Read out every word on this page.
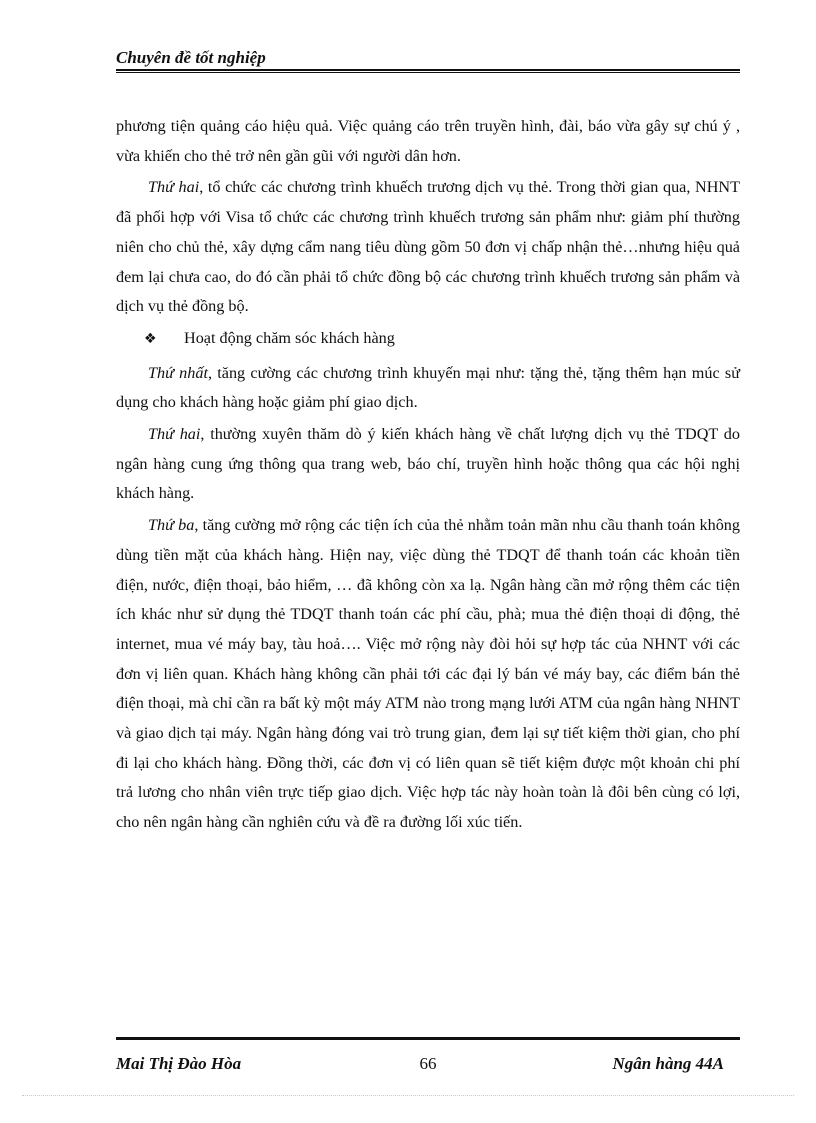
Chuyên đề tốt nghiệp

phương tiện quảng cáo hiệu quả. Việc quảng cáo trên truyền hình, đài, báo vừa gây sự chú ý , vừa khiến cho thẻ trở nên gần gũi với người dân hơn.

Thứ hai, tổ chức các chương trình khuếch trương dịch vụ thẻ. Trong thời gian qua, NHNT đã phối hợp với Visa tổ chức các chương trình khuếch trương sản phẩm như: giảm phí thường niên cho chủ thẻ, xây dựng cẩm nang tiêu dùng gồm 50 đơn vị chấp nhận thẻ…nhưng hiệu quả đem lại chưa cao, do đó cần phải tổ chức đồng bộ các chương trình khuếch trương sản phẩm và dịch vụ thẻ đồng bộ.

❖	Hoạt động chăm sóc khách hàng

Thứ nhất, tăng cường các chương trình khuyến mại như: tặng thẻ, tặng thêm hạn múc sử dụng cho khách hàng hoặc giảm phí giao dịch.

Thứ hai, thường xuyên thăm dò ý kiến khách hàng về chất lượng dịch vụ thẻ TDQT do ngân hàng cung ứng thông qua trang web, báo chí, truyền hình hoặc thông qua các hội nghị khách hàng.

Thứ ba, tăng cường mở rộng các tiện ích của thẻ nhằm toản mãn nhu cầu thanh toán không dùng tiền mặt của khách hàng. Hiện nay, việc dùng thẻ TDQT để thanh toán các khoản tiền điện, nước, điện thoại, bảo hiểm, … đã không còn xa lạ. Ngân hàng cần mở rộng thêm các tiện ích khác như sử dụng thẻ TDQT thanh toán các phí cầu, phà; mua thẻ điện thoại di động, thẻ internet, mua vé máy bay, tàu hoả…. Việc mở rộng này đòi hỏi sự hợp tác của NHNT với các đơn vị liên quan. Khách hàng không cần phải tới các đại lý bán vé máy bay, các điểm bán thẻ điện thoại, mà chỉ cần ra bất kỳ một máy ATM nào trong mạng lưới ATM của ngân hàng NHNT và giao dịch tại máy. Ngân hàng đóng vai trò trung gian, đem lại sự tiết kiệm thời gian, cho phí đi lại cho khách hàng. Đồng thời, các đơn vị có liên quan sẽ tiết kiệm được một khoản chi phí trả lương cho nhân viên trực tiếp giao dịch. Việc hợp tác này hoàn toàn là đôi bên cùng có lợi, cho nên ngân hàng cần nghiên cứu và đề ra đường lối xúc tiến.

Mai Thị Đào Hòa	66	Ngân hàng 44A
